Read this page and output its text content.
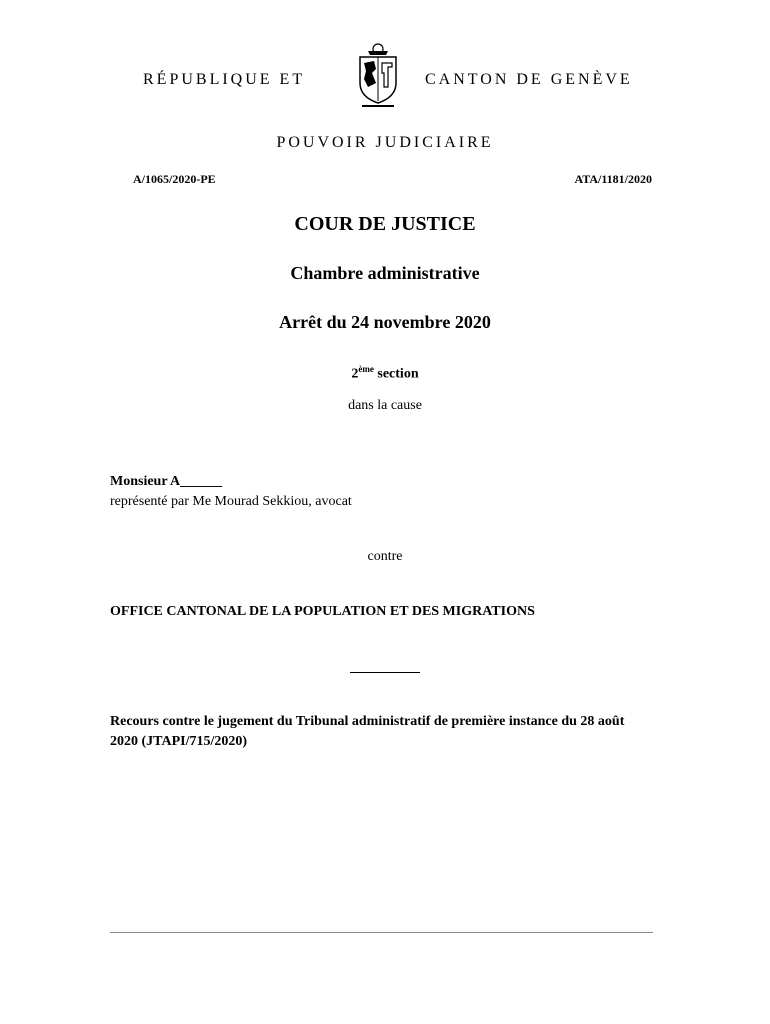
RÉPUBLIQUE ET	CANTON DE GENÈVE
POUVOIR JUDICIAIRE
A/1065/2020-PE	ATA/1181/2020
COUR DE JUSTICE
Chambre administrative
Arrêt du 24 novembre 2020
2ème section
dans la cause
Monsieur A______
représenté par Me Mourad Sekkiou, avocat
contre
OFFICE CANTONAL DE LA POPULATION ET DES MIGRATIONS
Recours contre le jugement du Tribunal administratif de première instance du 28 août 2020 (JTAPI/715/2020)
